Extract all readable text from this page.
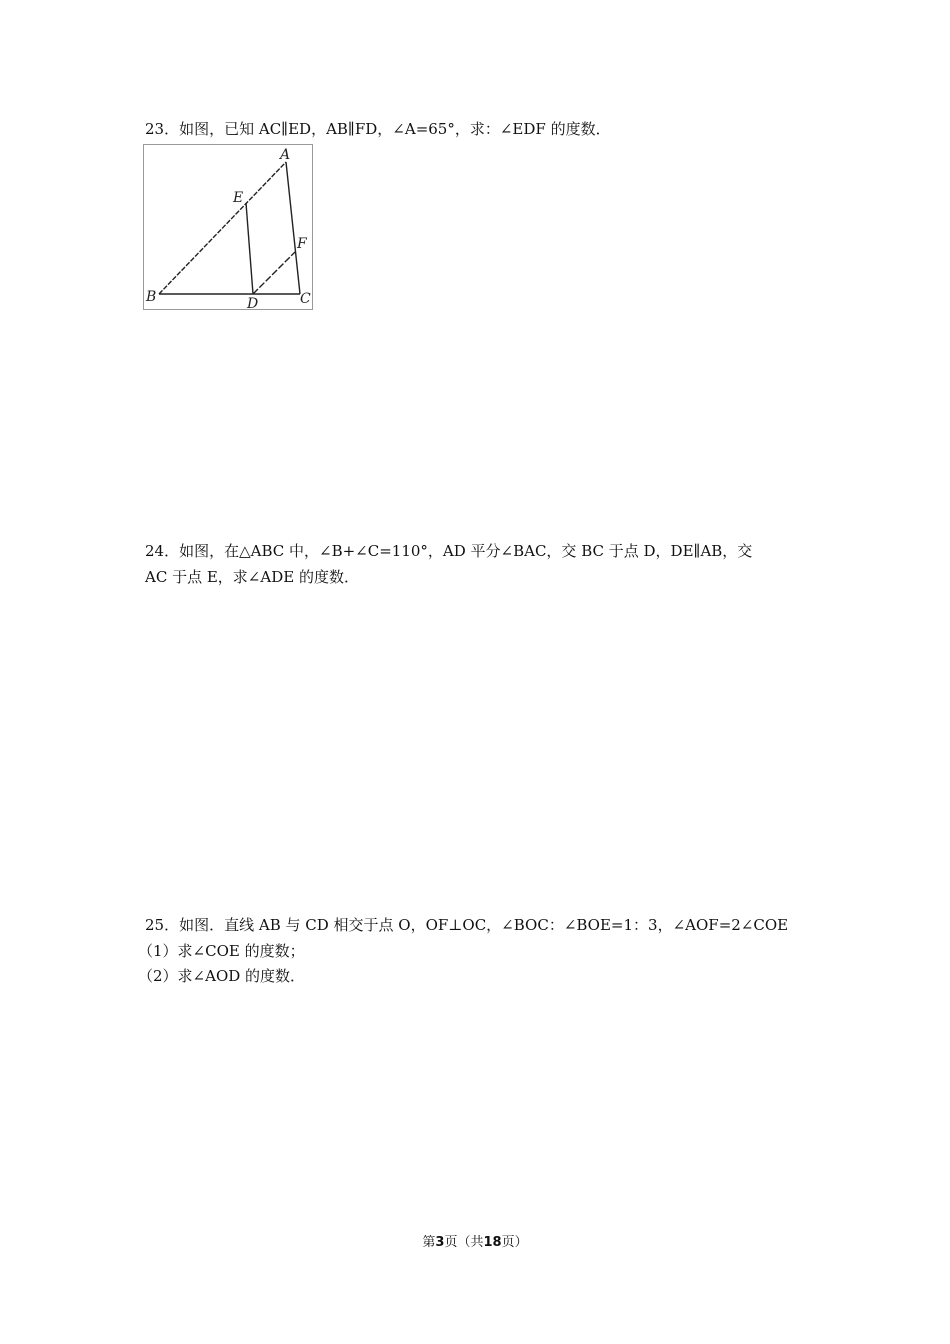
23．如图，已知 AC∥ED，AB∥FD，∠A=65°，求：∠EDF 的度数．
A
B	C
D
E
F
24．如图，在△ABC 中，∠B+∠C=110°，AD 平分∠BAC，交 BC 于点 D，DE∥AB，交
AC 于点 E，求∠ADE 的度数．
25．如图．直线 AB 与 CD 相交于点 O，OF⊥OC，∠BOC：∠BOE=1：3，∠AOF=2∠COE
（1）求∠COE 的度数；
（2）求∠AOD 的度数．
第3页（共18页）
